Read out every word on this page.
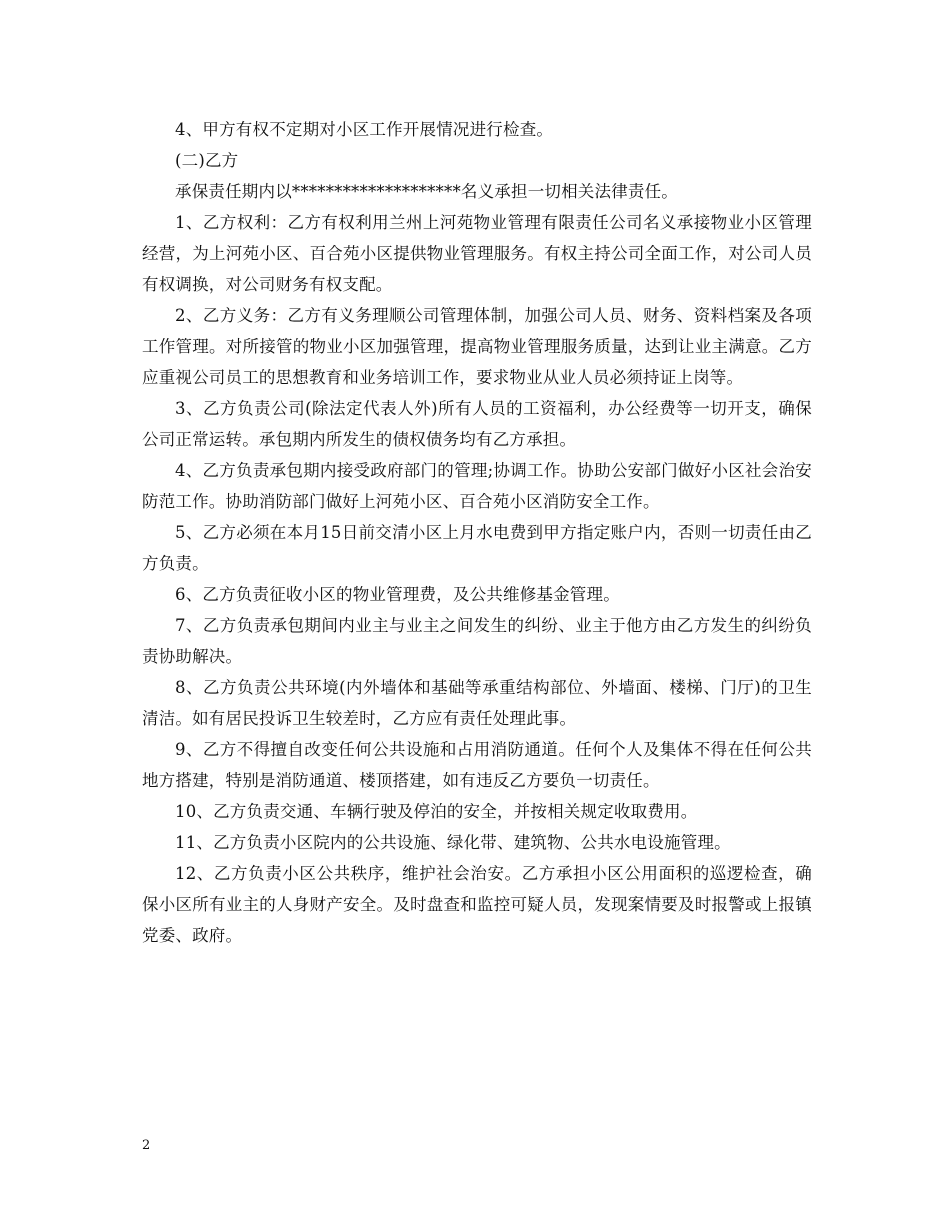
4、甲方有权不定期对小区工作开展情况进行检查。

(二)乙方

承保责任期内以********************名义承担一切相关法律责任。

1、乙方权利：乙方有权利用兰州上河苑物业管理有限责任公司名义承接物业小区管理经营，为上河苑小区、百合苑小区提供物业管理服务。有权主持公司全面工作，对公司人员有权调换，对公司财务有权支配。

2、乙方义务：乙方有义务理顺公司管理体制，加强公司人员、财务、资料档案及各项工作管理。对所接管的物业小区加强管理，提高物业管理服务质量，达到让业主满意。乙方应重视公司员工的思想教育和业务培训工作，要求物业从业人员必须持证上岗等。

3、乙方负责公司(除法定代表人外)所有人员的工资福利，办公经费等一切开支，确保公司正常运转。承包期内所发生的债权债务均有乙方承担。

4、乙方负责承包期内接受政府部门的管理;协调工作。协助公安部门做好小区社会治安防范工作。协助消防部门做好上河苑小区、百合苑小区消防安全工作。

5、乙方必须在本月15日前交清小区上月水电费到甲方指定账户内，否则一切责任由乙方负责。

6、乙方负责征收小区的物业管理费，及公共维修基金管理。

7、乙方负责承包期间内业主与业主之间发生的纠纷、业主于他方由乙方发生的纠纷负责协助解决。

8、乙方负责公共环境(内外墙体和基础等承重结构部位、外墙面、楼梯、门厅)的卫生清洁。如有居民投诉卫生较差时，乙方应有责任处理此事。

9、乙方不得擅自改变任何公共设施和占用消防通道。任何个人及集体不得在任何公共地方搭建，特别是消防通道、楼顶搭建，如有违反乙方要负一切责任。

10、乙方负责交通、车辆行驶及停泊的安全，并按相关规定收取费用。

11、乙方负责小区院内的公共设施、绿化带、建筑物、公共水电设施管理。

12、乙方负责小区公共秩序，维护社会治安。乙方承担小区公用面积的巡逻检查，确保小区所有业主的人身财产安全。及时盘查和监控可疑人员，发现案情要及时报警或上报镇党委、政府。

2
